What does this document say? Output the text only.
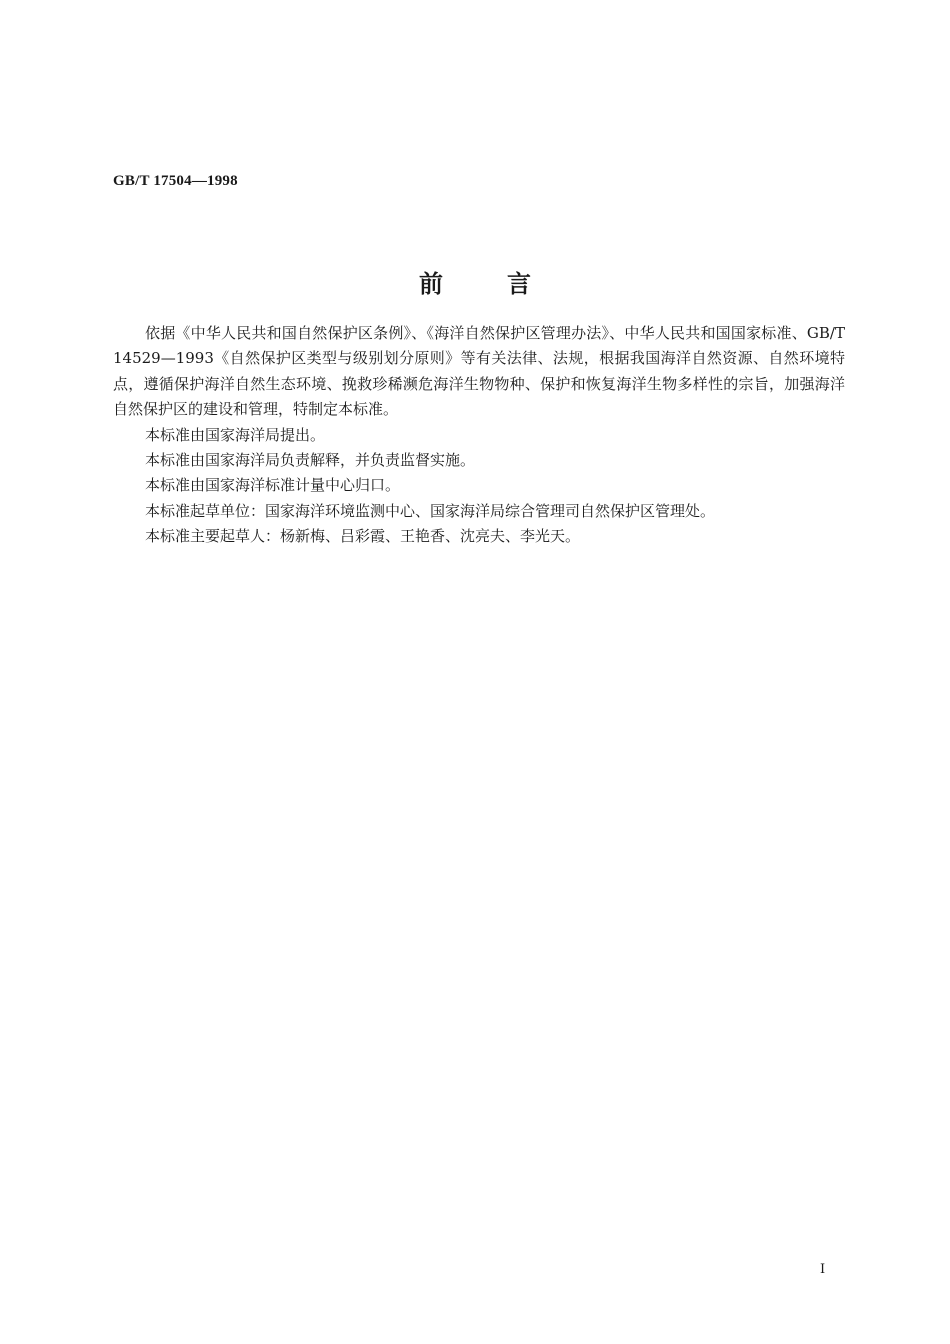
GB/T 17504—1998
前言

依据《中华人民共和国自然保护区条例》、《海洋自然保护区管理办法》、中华人民共和国国家标准、GB/T 14529—1993《自然保护区类型与级别划分原则》等有关法律、法规，根据我国海洋自然资源、自然环境特点，遵循保护海洋自然生态环境、挽救珍稀濒危海洋生物物种、保护和恢复海洋生物多样性的宗旨，加强海洋自然保护区的建设和管理，特制定本标准。

本标准由国家海洋局提出。

本标准由国家海洋局负责解释，并负责监督实施。

本标准由国家海洋标准计量中心归口。

本标准起草单位：国家海洋环境监测中心、国家海洋局综合管理司自然保护区管理处。

本标准主要起草人：杨新梅、吕彩霞、王艳香、沈亮夫、李光天。

I
